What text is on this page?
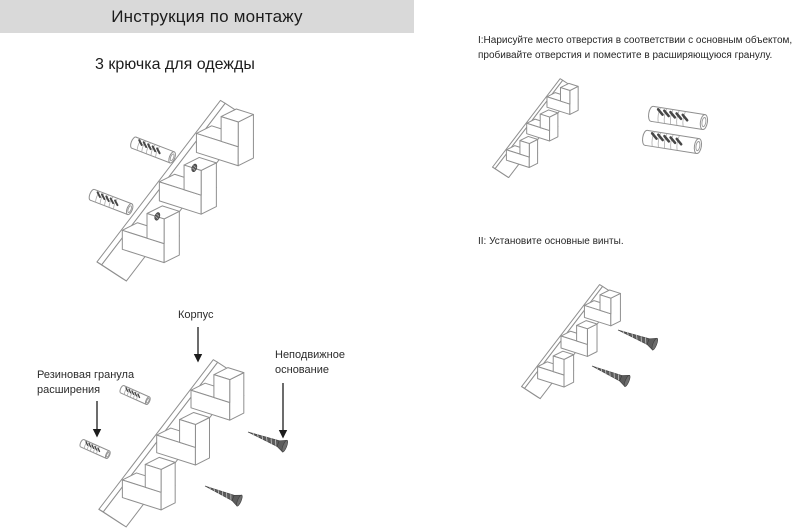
Инструкция по монтажу
3 крючка для одежды
I:Нарисуйте место отверстия в соответствии с основным объектом,
пробивайте отверстия и поместите в расширяющуюся гранулу.
II: Установите основные винты.
Корпус
Резиновая гранула расширения
Неподвижное основание
